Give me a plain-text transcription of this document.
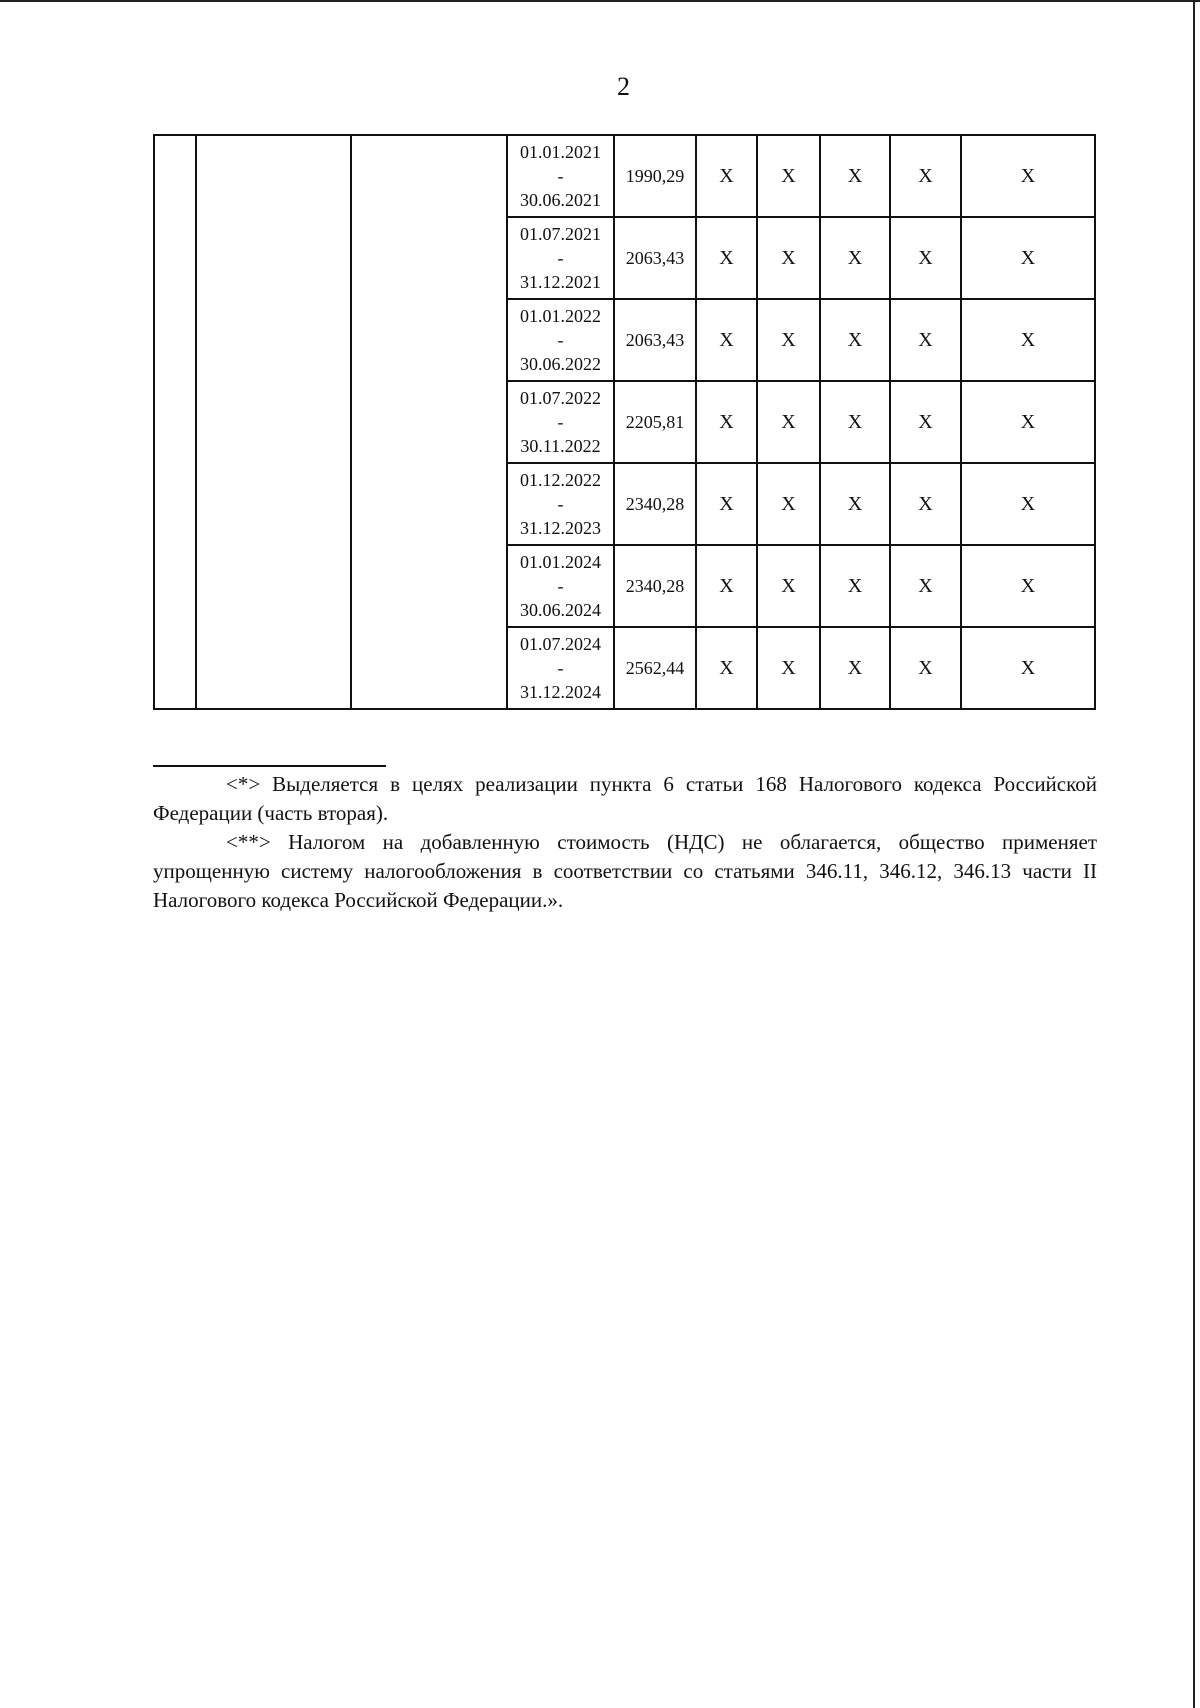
2

			01.01.2021
-
30.06.2021	1990,29	Х	Х	Х	Х	Х

			01.07.2021
-
31.12.2021	2063,43	Х	Х	Х	Х	Х

			01.01.2022
-
30.06.2022	2063,43	Х	Х	Х	Х	Х

			01.07.2022
-
30.11.2022	2205,81	Х	Х	Х	Х	Х

			01.12.2022
-
31.12.2023	2340,28	Х	Х	Х	Х	Х

			01.01.2024
-
30.06.2024	2340,28	Х	Х	Х	Х	Х

			01.07.2024
-
31.12.2024	2562,44	Х	Х	Х	Х	Х

<*> Выделяется в целях реализации пункта 6 статьи 168 Налогового кодекса Российской Федерации (часть вторая).

<**> Налогом на добавленную стоимость (НДС) не облагается, общество применяет упрощенную систему налогообложения в соответствии со статьями 346.11, 346.12, 346.13 части II Налогового кодекса Российской Федерации.».
